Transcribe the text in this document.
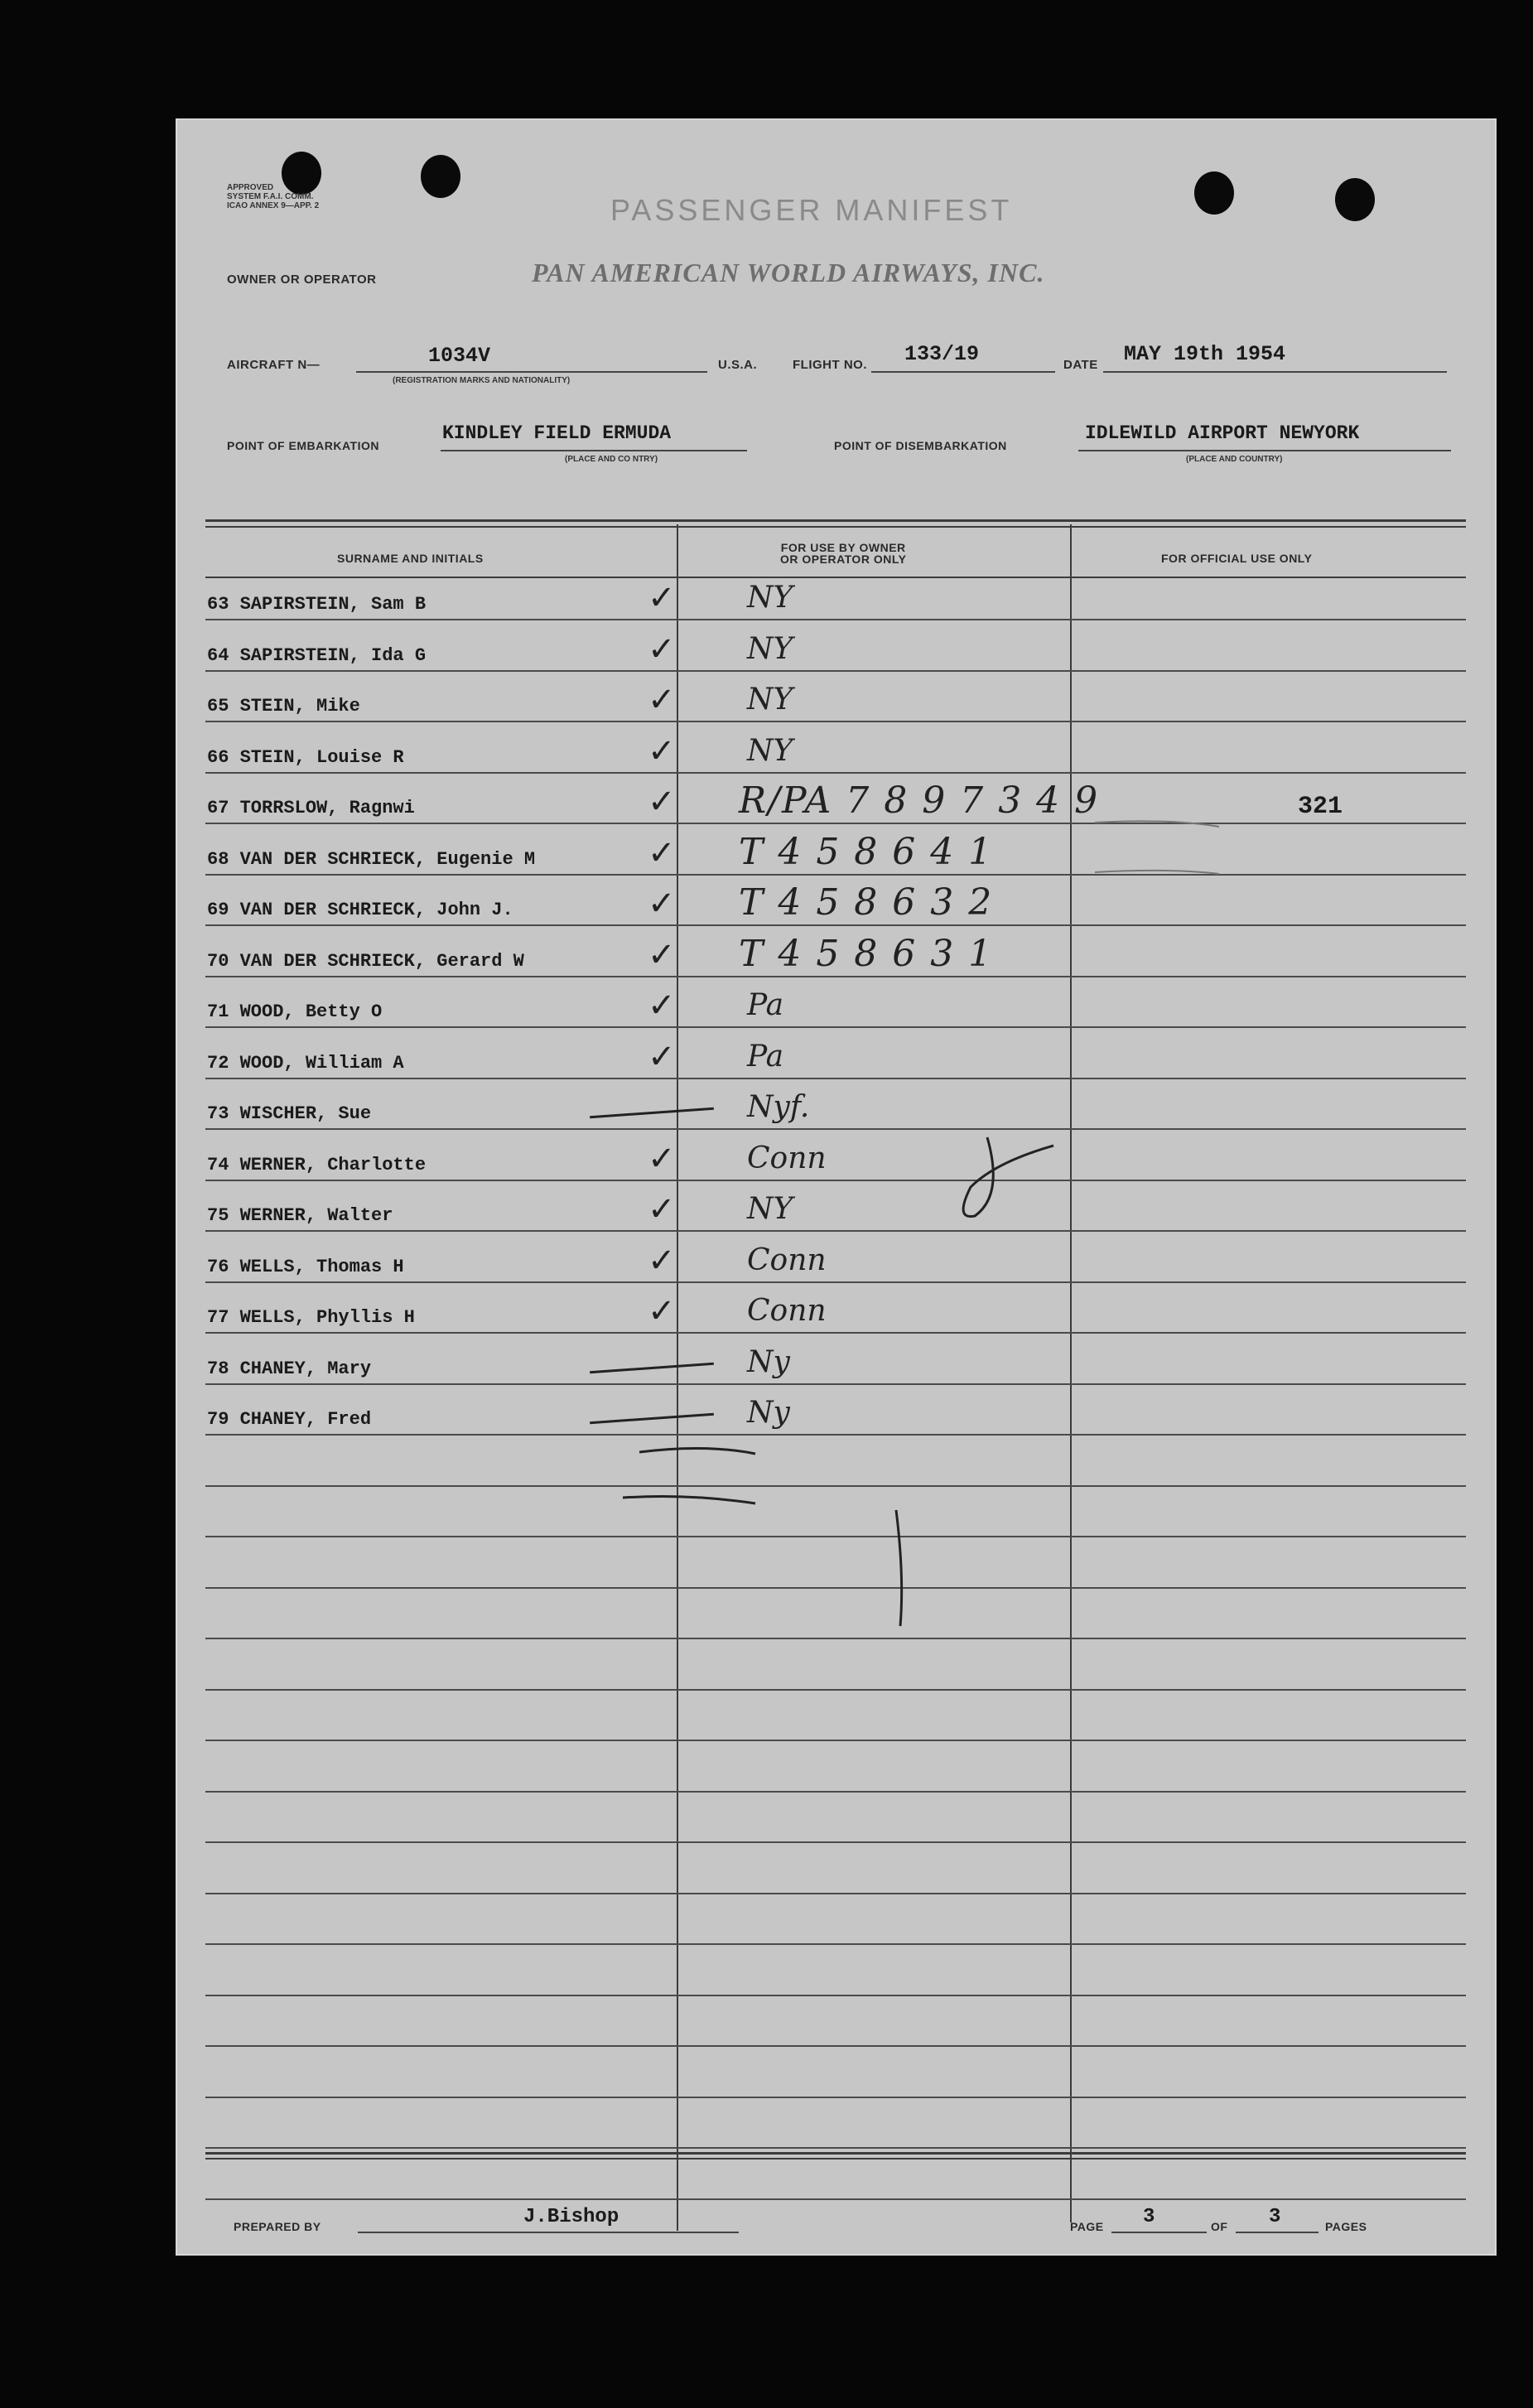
APPROVED
SYSTEM F.A.I. COMM.
ICAO ANNEX 9—APP. 2	PASSENGER MANIFEST
OWNER OR OPERATOR	PAN AMERICAN WORLD AIRWAYS, INC.
AIRCRAFT N—	1034V
(REGISTRATION MARKS AND NATIONALITY)
U.S.A.	FLIGHT NO. 133/19	DATE MAY 19th 1954
POINT OF EMBARKATION
KINDLEY FIELD ERMUDA
(PLACE AND CO NTRY)
POINT OF DISEMBARKATION
IDLEWILD AIRPORT NEWYORK
(PLACE AND COUNTRY)
SURNAME AND INITIALS
FOR USE BY OWNER
OR OPERATOR ONLY	FOR OFFICIAL USE ONLY
63 SAPIRSTEIN, Sam B	✓ NY
64 SAPIRSTEIN, Ida G	✓ NY
65 STEIN, Mike	✓ NY
66 STEIN, Louise R	✓ NY
67 TORRSLOW, Ragnwi	✓ R/PA 7 8 9 7 3 4 9	321
68 VAN DER SCHRIECK, Eugenie M	✓ T 4 5 8 6 4 1
69 VAN DER SCHRIECK, John J.	✓ T 4 5 8 6 3 2
70 VAN DER SCHRIECK, Gerard W	✓ T 4 5 8 6 3 1
71 WOOD, Betty O	✓ Pa
72 WOOD, William A	✓ Pa
73 WISCHER, Sue	Nyf.
74 WERNER, Charlotte	✓ Conn
75 WERNER, Walter	✓ NY
76 WELLS, Thomas H	✓ Conn
77 WELLS, Phyllis H	✓ Conn
78 CHANEY, Mary	Ny
79 CHANEY, Fred	Ny
PREPARED BY	J.Bishop	PAGE 3	OF 3	PAGES
